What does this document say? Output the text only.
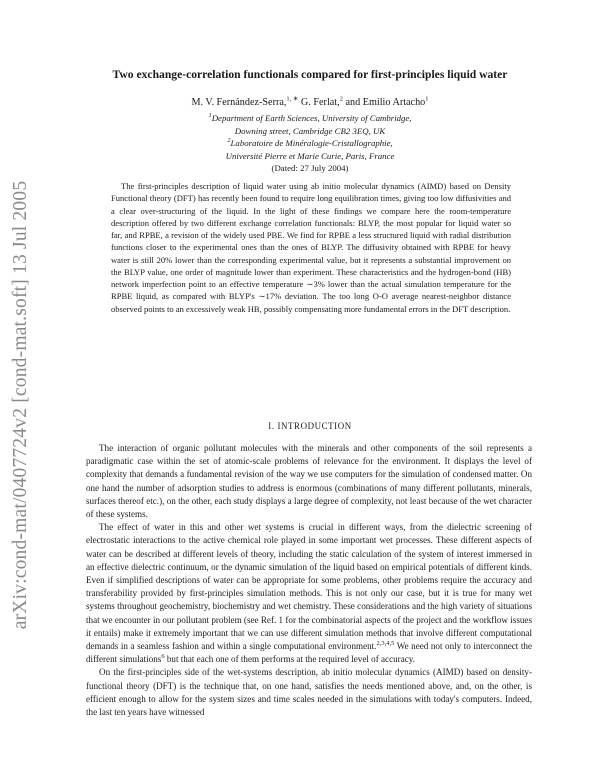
arXiv:cond-mat/0407724v2 [cond-mat.soft] 13 Jul 2005
Two exchange-correlation functionals compared for first-principles liquid water
M. V. Fernández-Serra,$^{1, ∗}$ G. Ferlat,$^2$ and Emilio Artacho$^1$
$^1$Department of Earth Sciences, University of Cambridge,
Downing street, Cambridge CB2 3EQ, UK
$^2$Laboratoire de Minéralogie-Cristallographie,
Université Pierre et Marie Curie, Paris, France
(Dated: 27 July 2004)

The first-principles description of liquid water using ab initio molecular dynamics (AIMD) based on Density Functional theory (DFT) has recently been found to require long equilibration times, giving too low diffusivities and a clear over-structuring of the liquid. In the light of these findings we compare here the room-temperature description offered by two different exchange correlation functionals: BLYP, the most popular for liquid water so far, and RPBE, a revision of the widely used PBE. We find for RPBE a less structured liquid with radial distribution functions closer to the experimental ones than the ones of BLYP. The diffusivity obtained with RPBE for heavy water is still 20% lower than the corresponding experimental value, but it represents a substantial improvement on the BLYP value, one order of magnitude lower than experiment. These characteristics and the hydrogen-bond (HB) network imperfection point to an effective temperature ∼3% lower than the actual simulation temperature for the RPBE liquid, as compared with BLYP's ∼17% deviation. The too long O-O average nearest-neighbor distance observed points to an excessively weak HB, possibly compensating more fundamental errors in the DFT description.

I. INTRODUCTION

The interaction of organic pollutant molecules with the minerals and other components of the soil represents a paradigmatic case within the set of atomic-scale problems of relevance for the environment. It displays the level of complexity that demands a fundamental revision of the way we use computers for the simulation of condensed matter. On one hand the number of adsorption studies to address is enormous (combinations of many different pollutants, minerals, surfaces thereof etc.), on the other, each study displays a large degree of complexity, not least because of the wet character of these systems.

The effect of water in this and other wet systems is crucial in different ways, from the dielectric screening of electrostatic interactions to the active chemical role played in some important wet processes. These different aspects of water can be described at different levels of theory, including the static calculation of the system of interest immersed in an effective dielectric continuum, or the dynamic simulation of the liquid based on empirical potentials of different kinds. Even if simplified descriptions of water can be appropriate for some problems, other problems require the accuracy and transferability provided by first-principles simulation methods. This is not only our case, but it is true for many wet systems throughout geochemistry, biochemistry and wet chemistry. These considerations and the high variety of situations that we encounter in our pollutant problem (see Ref. 1 for the combinatorial aspects of the project and the workflow issues it entails) make it extremely important that we can use different simulation methods that involve different computational demands in a seamless fashion and within a single computational environment.$^{2,3,4,5}$ We need not only to interconnect the different simulations$^6$ but that each one of them performs at the required level of accuracy.

On the first-principles side of the wet-systems description, ab initio molecular dynamics (AIMD) based on density-functional theory (DFT) is the technique that, on one hand, satisfies the needs mentioned above, and, on the other, is efficient enough to allow for the system sizes and time scales needed in the simulations with today's computers. Indeed, the last ten years have witnessed
